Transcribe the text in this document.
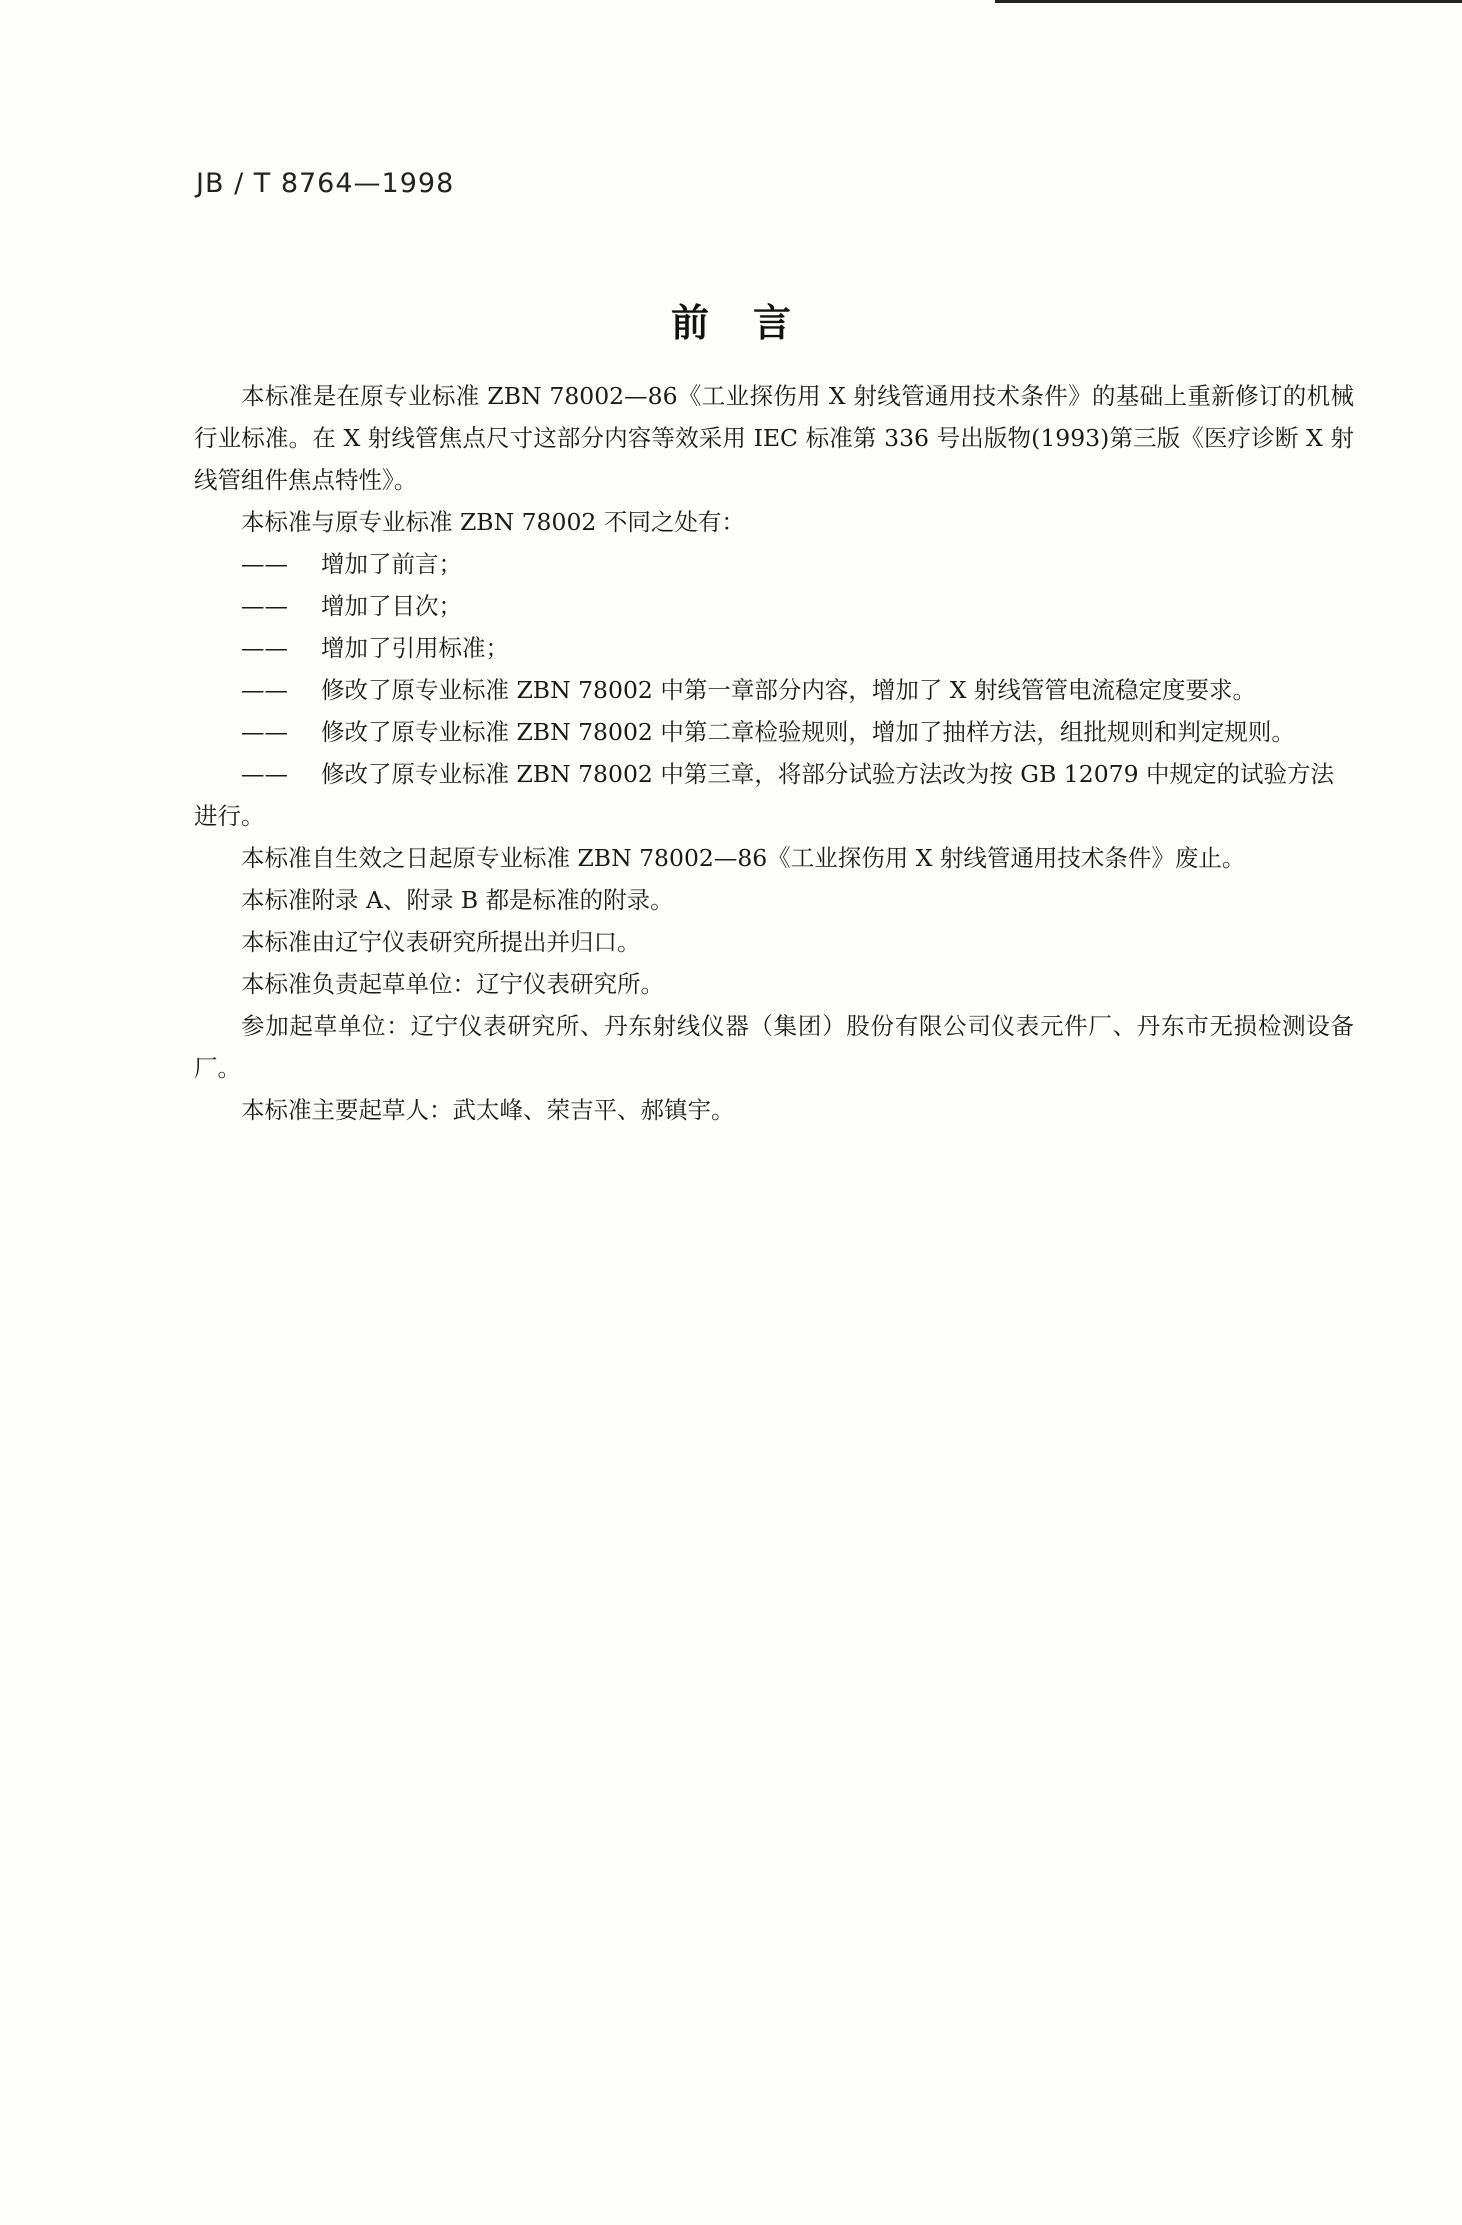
JB / T 8764—1998
前言

本标准是在原专业标准 ZBN 78002—86《工业探伤用 X 射线管通用技术条件》的基础上重新修订的机械行业标准。在 X 射线管焦点尺寸这部分内容等效采用 IEC 标准第 336 号出版物(1993)第三版《医疗诊断 X 射线管组件焦点特性》。

本标准与原专业标准 ZBN 78002 不同之处有：

——	增加了前言；
——	增加了目次；
——	增加了引用标准；
——	修改了原专业标准 ZBN 78002 中第一章部分内容，增加了 X 射线管管电流稳定度要求。
——	修改了原专业标准 ZBN 78002 中第二章检验规则，增加了抽样方法，组批规则和判定规则。
—— 修改了原专业标准 ZBN 78002 中第三章，将部分试验方法改为按 GB 12079 中规定的试验方法进行。

本标准自生效之日起原专业标准 ZBN 78002—86《工业探伤用 X 射线管通用技术条件》废止。

本标准附录 A、附录 B 都是标准的附录。

本标准由辽宁仪表研究所提出并归口。

本标准负责起草单位：辽宁仪表研究所。

参加起草单位：辽宁仪表研究所、丹东射线仪器（集团）股份有限公司仪表元件厂、丹东市无损检测设备厂。

本标准主要起草人：武太峰、荣吉平、郝镇宇。
